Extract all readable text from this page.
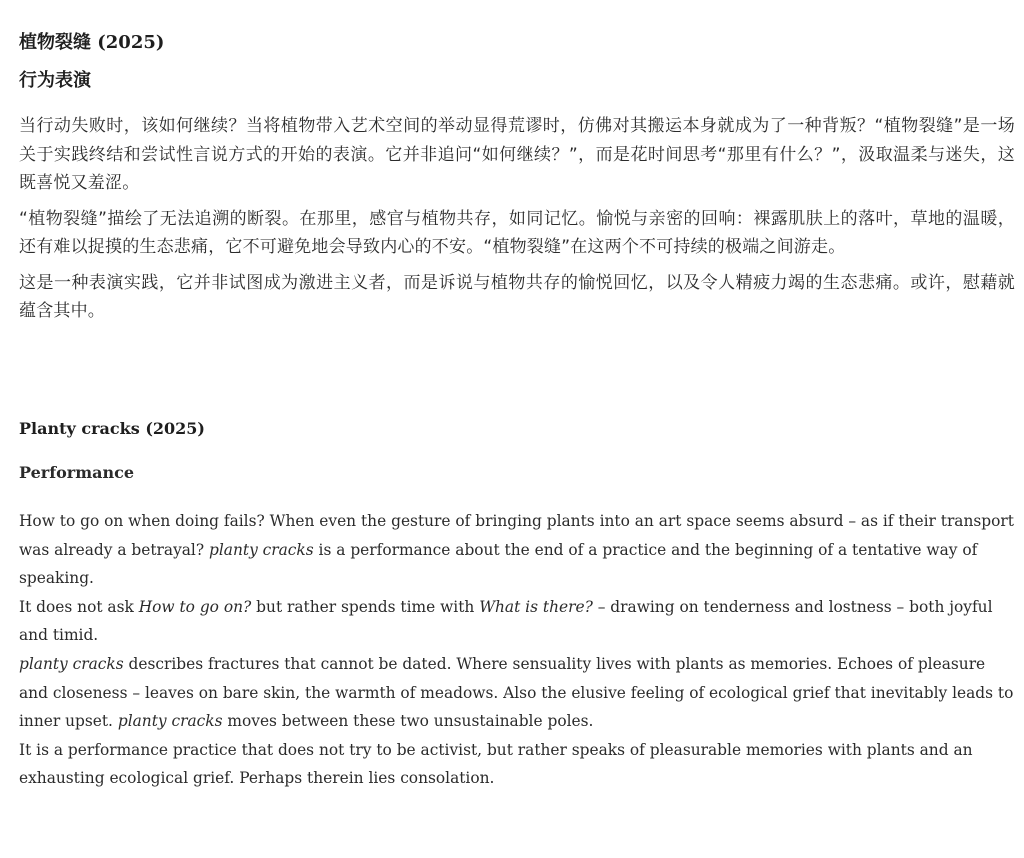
植物裂缝 (2025)
行为表演

当行动失败时，该如何继续？当将植物带入艺术空间的举动显得荒谬时，仿佛对其搬运本身就成为了一种背叛？“植物裂缝”是一场关于实践终结和尝试性言说方式的开始的表演。它并非追问“如何继续？”，而是花时间思考“那里有什么？”，汲取温柔与迷失，这既喜悦又羞涩。

“植物裂缝”描绘了无法追溯的断裂。在那里，感官与植物共存，如同记忆。愉悦与亲密的回响：裸露肌肤上的落叶，草地的温暖，还有难以捉摸的生态悲痛，它不可避免地会导致内心的不安。“植物裂缝”在这两个不可持续的极端之间游走。

这是一种表演实践，它并非试图成为激进主义者，而是诉说与植物共存的愉悦回忆，以及令人精疲力竭的生态悲痛。或许，慰藉就蕴含其中。

Planty cracks (2025)
Performance

How to go on when doing fails? When even the gesture of bringing plants into an art space seems absurd – as if their transport was already a betrayal? planty cracks is a performance about the end of a practice and the beginning of a tentative way of speaking.

It does not ask How to go on? but rather spends time with What is there? – drawing on tenderness and lostness – both joyful and timid.

planty cracks describes fractures that cannot be dated. Where sensuality lives with plants as memories. Echoes of pleasure and closeness – leaves on bare skin, the warmth of meadows. Also the elusive feeling of ecological grief that inevitably leads to inner upset. planty cracks moves between these two unsustainable poles.

It is a performance practice that does not try to be activist, but rather speaks of pleasurable memories with plants and an exhausting ecological grief. Perhaps therein lies consolation.
